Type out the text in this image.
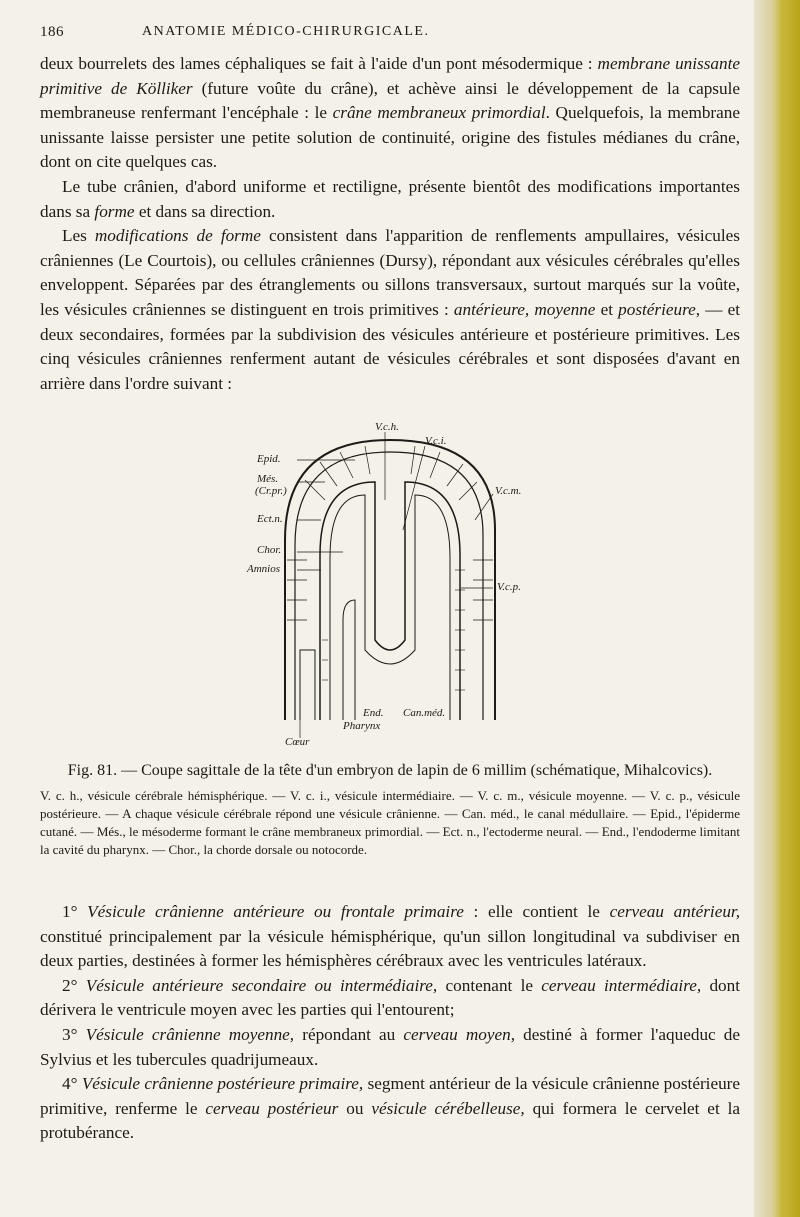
186	ANATOMIE MÉDICO-CHIRURGICALE.

deux bourrelets des lames céphaliques se fait à l'aide d'un pont mésodermique : membrane unissante primitive de Kölliker (future voûte du crâne), et achève ainsi le développement de la capsule membraneuse renfermant l'encéphale : le crâne membraneux primordial. Quelquefois, la membrane unissante laisse persister une petite solution de continuité, origine des fistules médianes du crâne, dont on cite quelques cas.

Le tube crânien, d'abord uniforme et rectiligne, présente bientôt des modifications importantes dans sa forme et dans sa direction.

Les modifications de forme consistent dans l'apparition de renflements ampullaires, vésicules crâniennes (Le Courtois), ou cellules crâniennes (Dursy), répondant aux vésicules cérébrales qu'elles enveloppent. Séparées par des étranglements ou sillons transversaux, surtout marqués sur la voûte, les vésicules crâniennes se distinguent en trois primitives : antérieure, moyenne et postérieure, — et deux secondaires, formées par la subdivision des vésicules antérieure et postérieure primitives. Les cinq vésicules crâniennes renferment autant de vésicules cérébrales et sont disposées d'avant en arrière dans l'ordre suivant :

V.c.h.
V.c.i.
Epid.
Més.
(Cr.pr.)	V.c.m.
Ect.n.
Chor.
Amnios
V.c.p.
End. Can.méd.
Pharynx
Cœur
Fig. 81. — Coupe sagittale de la tête d'un embryon de lapin de 6 millim (schématique, Mihalcovics).
V. c. h., vésicule cérébrale hémisphérique. — V. c. i., vésicule intermédiaire. — V. c. m., vésicule moyenne. — V. c. p., vésicule postérieure. — A chaque vésicule cérébrale répond une vésicule crânienne. — Can. méd., le canal médullaire. — Epid., l'épiderme cutané. — Més., le mésoderme formant le crâne membraneux primordial. — Ect. n., l'ectoderme neural. — End., l'endoderme limitant la cavité du pharynx. — Chor., la chorde dorsale ou notocorde.

1° Vésicule crânienne antérieure ou frontale primaire : elle contient le cerveau antérieur, constitué principalement par la vésicule hémisphérique, qu'un sillon longitudinal va subdiviser en deux parties, destinées à former les hémisphères cérébraux avec les ventricules latéraux.

2° Vésicule antérieure secondaire ou intermédiaire, contenant le cerveau intermédiaire, dont dérivera le ventricule moyen avec les parties qui l'entourent;

3° Vésicule crânienne moyenne, répondant au cerveau moyen, destiné à former l'aqueduc de Sylvius et les tubercules quadrijumeaux.

4° Vésicule crânienne postérieure primaire, segment antérieur de la vésicule crânienne postérieure primitive, renferme le cerveau postérieur ou vésicule cérébelleuse, qui formera le cervelet et la protubérance.
